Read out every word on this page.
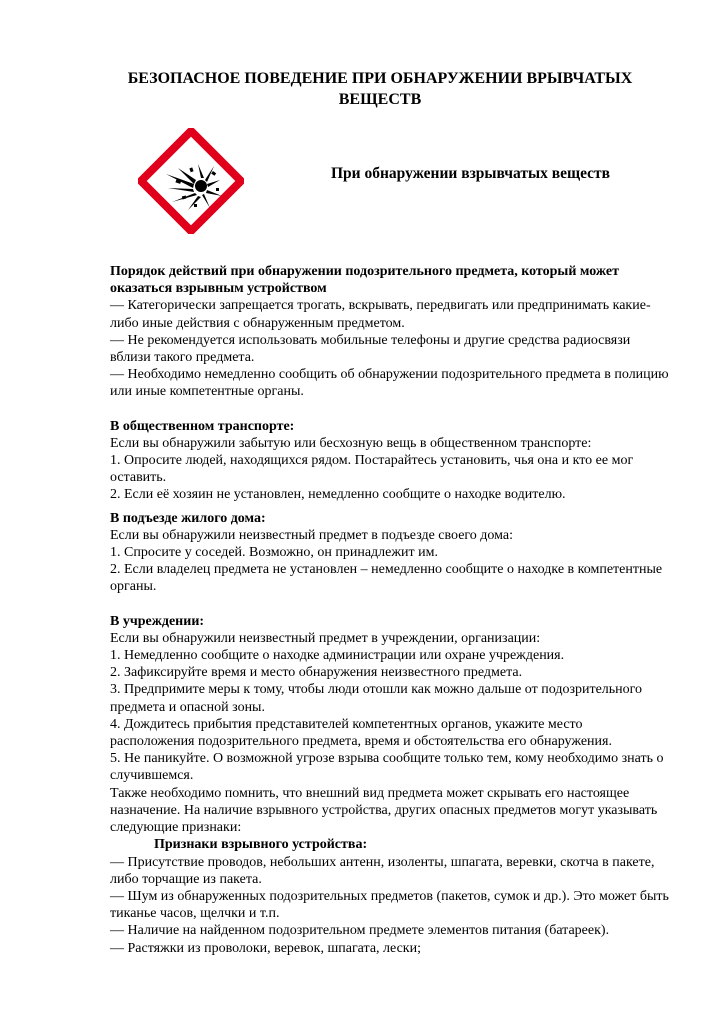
БЕЗОПАСНОЕ ПОВЕДЕНИЕ ПРИ ОБНАРУЖЕНИИ ВРЫВЧАТЫХ ВЕЩЕСТВ
При обнаружении взрывчатых веществ

Порядок действий при обнаружении подозрительного предмета, который может оказаться взрывным устройством

— Категорически запрещается трогать, вскрывать, передвигать или предпринимать какие-либо иные действия с обнаруженным предметом.

— Не рекомендуется использовать мобильные телефоны и другие средства радиосвязи вблизи такого предмета.

— Необходимо немедленно сообщить об обнаружении подозрительного предмета в полицию или иные компетентные органы.

В общественном транспорте:

Если вы обнаружили забытую или бесхозную вещь в общественном транспорте:

1. Опросите людей, находящихся рядом. Постарайтесь установить, чья она и кто ее мог оставить.

2. Если её хозяин не установлен, немедленно сообщите о находке водителю.

В подъезде жилого дома:

Если вы обнаружили неизвестный предмет в подъезде своего дома:

1. Спросите у соседей. Возможно, он принадлежит им.

2. Если владелец предмета не установлен – немедленно сообщите о находке в компетентные органы.

В учреждении:

Если вы обнаружили неизвестный предмет в учреждении, организации:

1. Немедленно сообщите о находке администрации или охране учреждения.

2. Зафиксируйте время и место обнаружения неизвестного предмета.

3. Предпримите меры к тому, чтобы люди отошли как можно дальше от подозрительного предмета и опасной зоны.

4. Дождитесь прибытия представителей компетентных органов, укажите место расположения подозрительного предмета, время и обстоятельства его обнаружения.

5. Не паникуйте. О возможной угрозе взрыва сообщите только тем, кому необходимо знать о случившемся.

Также необходимо помнить, что внешний вид предмета может скрывать его настоящее назначение. На наличие взрывного устройства, других опасных предметов могут указывать следующие признаки:

Признаки взрывного устройства:

— Присутствие проводов, небольших антенн, изоленты, шпагата, веревки, скотча в пакете, либо торчащие из пакета.

— Шум из обнаруженных подозрительных предметов (пакетов, сумок и др.). Это может быть тиканье часов, щелчки и т.п.

— Наличие на найденном подозрительном предмете элементов питания (батареек).

— Растяжки из проволоки, веревок, шпагата, лески;
